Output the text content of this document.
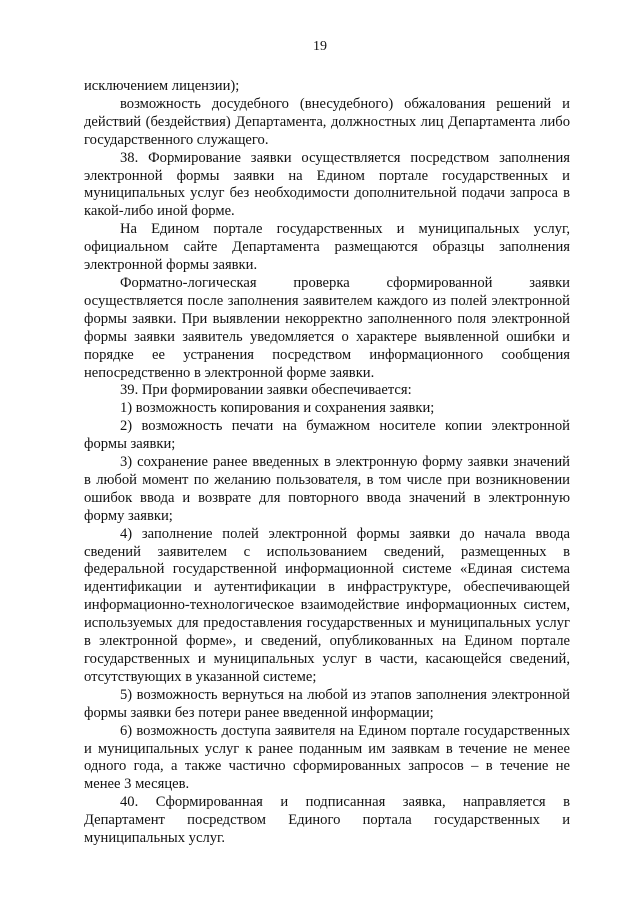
19

исключением лицензии);

возможность досудебного (внесудебного) обжалования решений и действий (бездействия) Департамента, должностных лиц Департамента либо государственного служащего.

38. Формирование заявки осуществляется посредством заполнения электронной формы заявки на Едином портале государственных и муниципальных услуг без необходимости дополнительной подачи запроса в какой-либо иной форме.

На Едином портале государственных и муниципальных услуг, официальном сайте Департамента размещаются образцы заполнения электронной формы заявки.

Форматно-логическая проверка сформированной заявки осуществляется после заполнения заявителем каждого из полей электронной формы заявки. При выявлении некорректно заполненного поля электронной формы заявки заявитель уведомляется о характере выявленной ошибки и порядке ее устранения посредством информационного сообщения непосредственно в электронной форме заявки.

39. При формировании заявки обеспечивается:

1) возможность копирования и сохранения заявки;

2) возможность печати на бумажном носителе копии электронной формы заявки;

3) сохранение ранее введенных в электронную форму заявки значений в любой момент по желанию пользователя, в том числе при возникновении ошибок ввода и возврате для повторного ввода значений в электронную форму заявки;

4) заполнение полей электронной формы заявки до начала ввода сведений заявителем с использованием сведений, размещенных в федеральной государственной информационной системе «Единая система идентификации и аутентификации в инфраструктуре, обеспечивающей информационно-технологическое взаимодействие информационных систем, используемых для предоставления государственных и муниципальных услуг в электронной форме», и сведений, опубликованных на Едином портале государственных и муниципальных услуг в части, касающейся сведений, отсутствующих в указанной системе;

5) возможность вернуться на любой из этапов заполнения электронной формы заявки без потери ранее введенной информации;

6) возможность доступа заявителя на Едином портале государственных и муниципальных услуг к ранее поданным им заявкам в течение не менее одного года, а также частично сформированных запросов – в течение не менее 3 месяцев.

40. Сформированная и подписанная заявка, направляется в Департамент посредством Единого портала государственных и муниципальных услуг.
